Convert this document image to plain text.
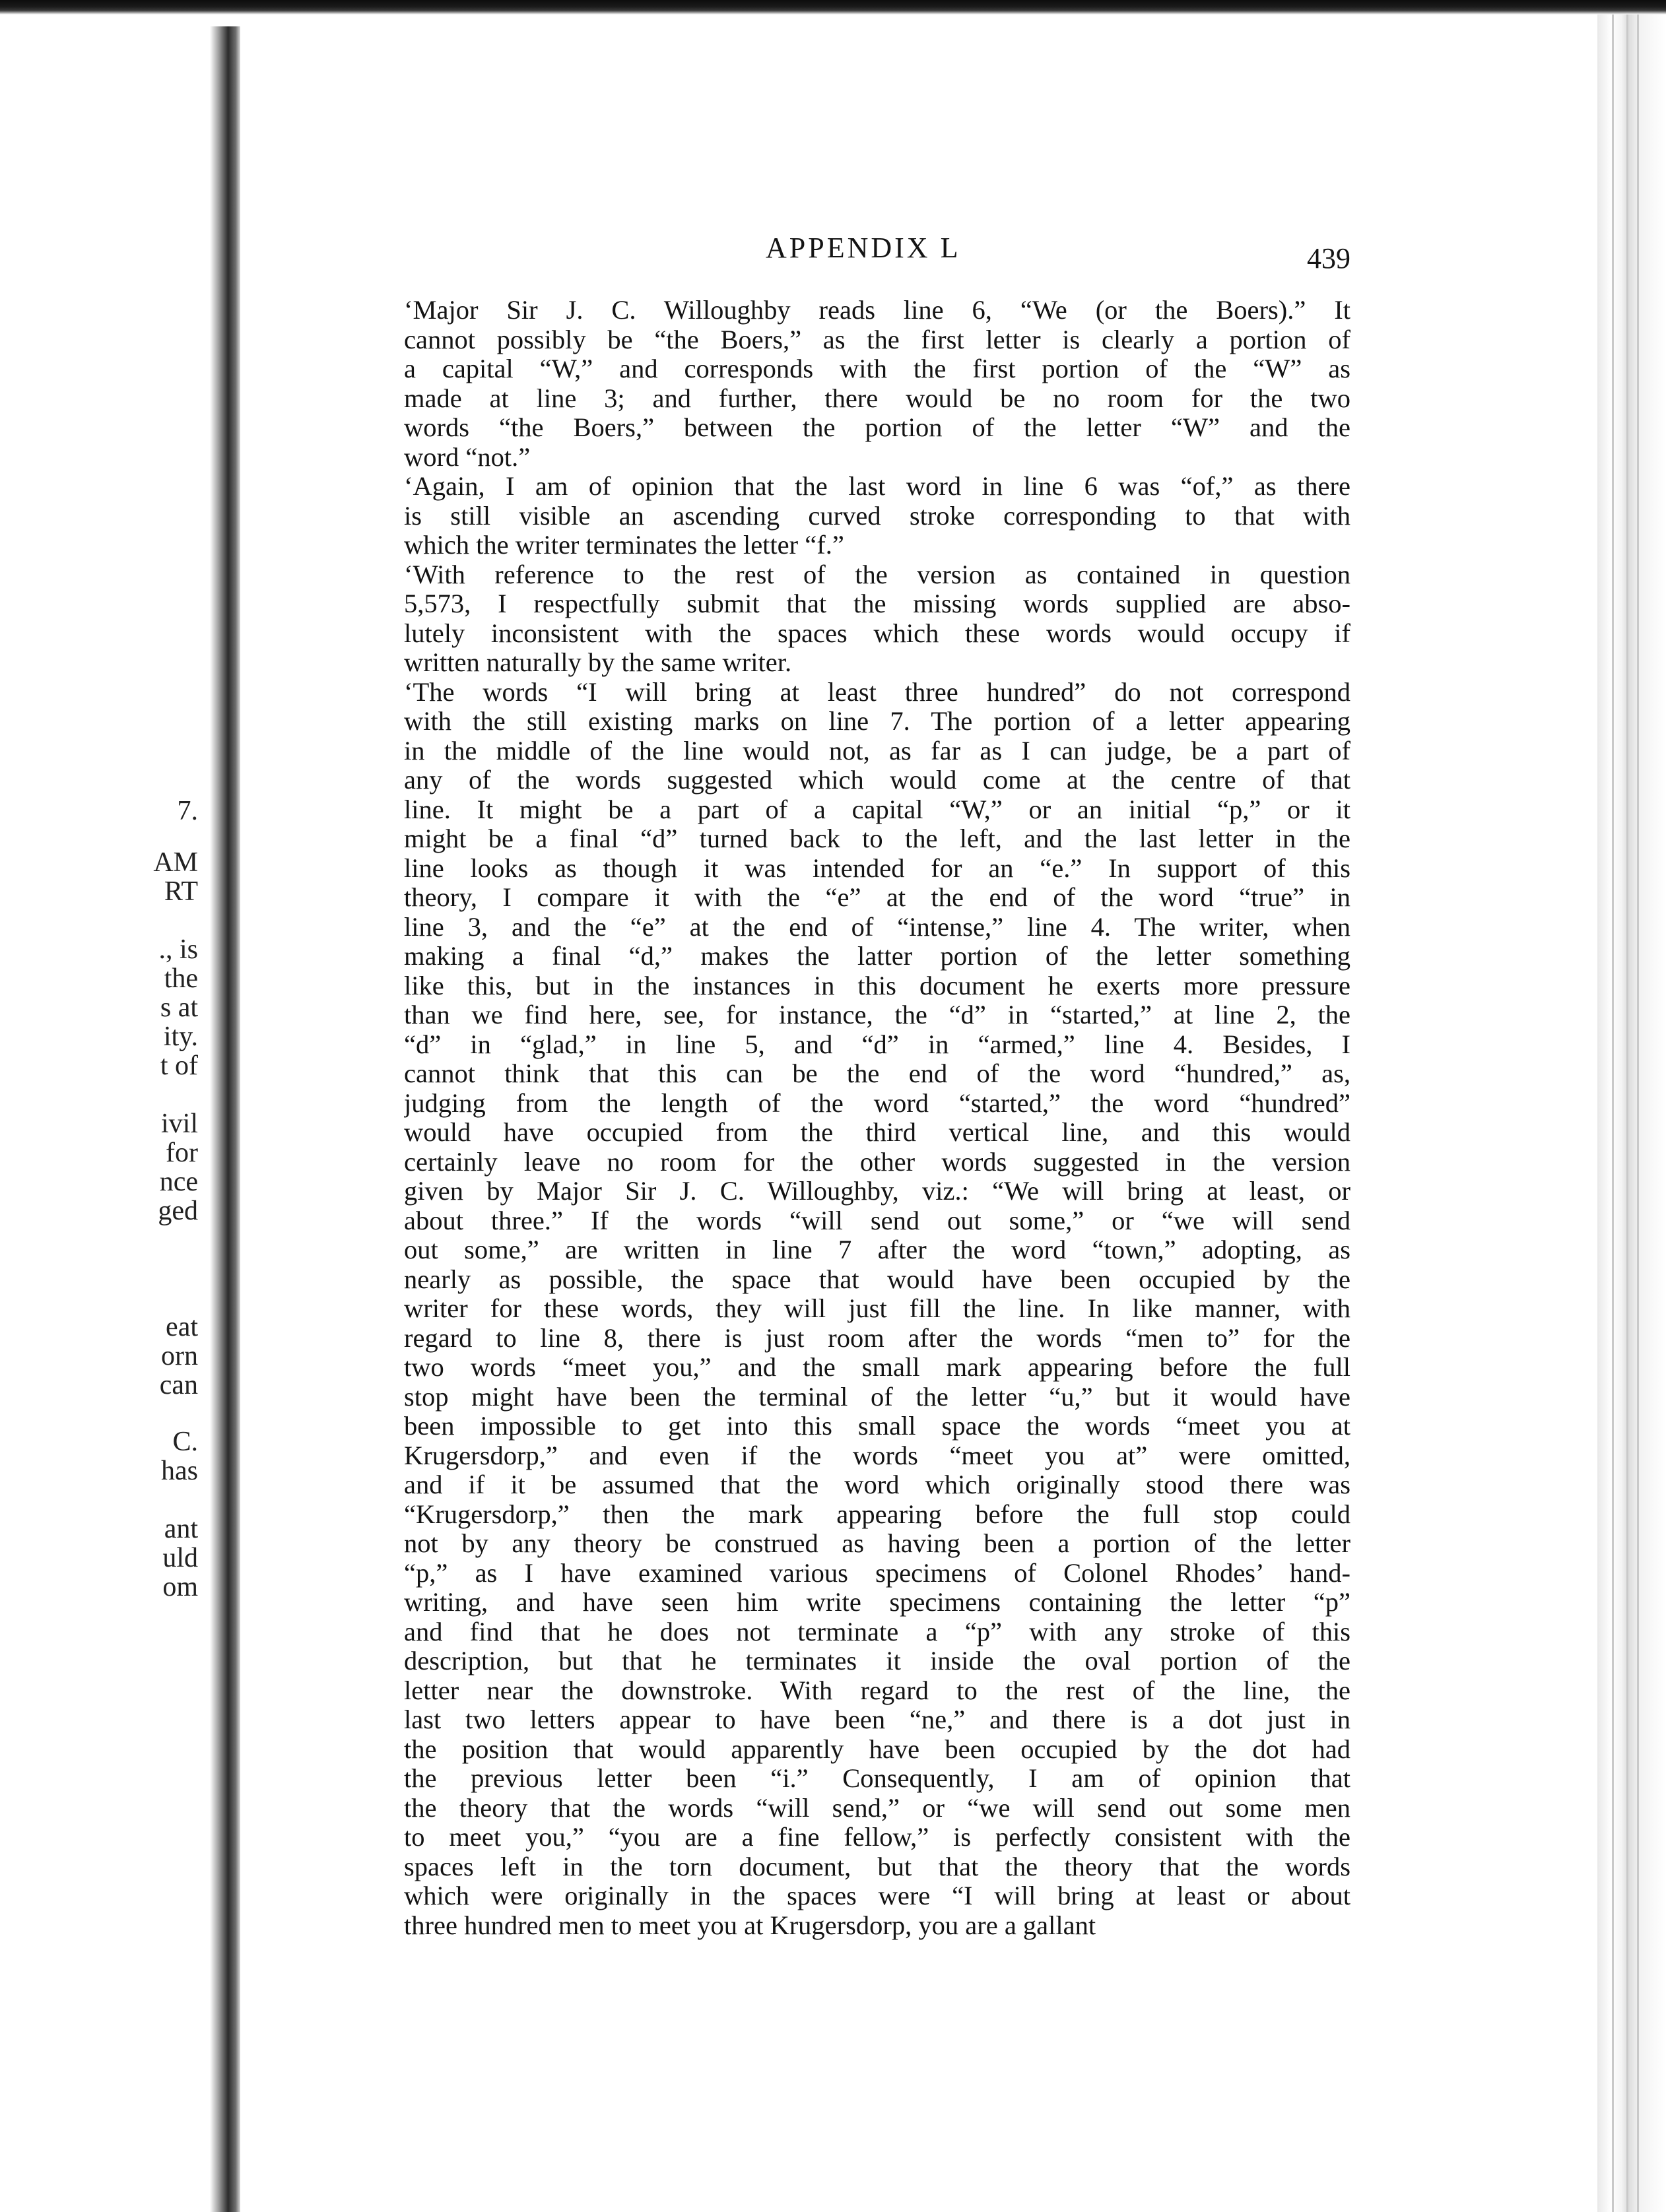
7.
AM
RT
., is
the
s at
ity.
t of
ivil
for
nce
ged
eat
orn
can
C.
has
ant
uld
om
APPENDIX L	439
‘Major Sir J. C. Willoughby reads line 6, “We (or the Boers).” It
cannot possibly be “the Boers,” as the first letter is clearly a portion of
a capital “W,” and corresponds with the first portion of the “W” as
made at line 3; and further, there would be no room for the two
words “the Boers,” between the portion of the letter “W” and the
word “not.”
‘Again, I am of opinion that the last word in line 6 was “of,” as there
is still visible an ascending curved stroke corresponding to that with
which the writer terminates the letter “f.”
‘With reference to the rest of the version as contained in question
5,573, I respectfully submit that the missing words supplied are abso-
lutely inconsistent with the spaces which these words would occupy if
written naturally by the same writer.
‘The words “I will bring at least three hundred” do not correspond
with the still existing marks on line 7. The portion of a letter appearing
in the middle of the line would not, as far as I can judge, be a part of
any of the words suggested which would come at the centre of that
line. It might be a part of a capital “W,” or an initial “p,” or it
might be a final “d” turned back to the left, and the last letter in the
line looks as though it was intended for an “e.” In support of this
theory, I compare it with the “e” at the end of the word “true” in
line 3, and the “e” at the end of “intense,” line 4. The writer, when
making a final “d,” makes the latter portion of the letter something
like this, but in the instances in this document he exerts more pressure
than we find here, see, for instance, the “d” in “started,” at line 2, the
“d” in “glad,” in line 5, and “d” in “armed,” line 4. Besides, I
cannot think that this can be the end of the word “hundred,” as,
judging from the length of the word “started,” the word “hundred”
would have occupied from the third vertical line, and this would
certainly leave no room for the other words suggested in the version
given by Major Sir J. C. Willoughby, viz.: “We will bring at least, or
about three.” If the words “will send out some,” or “we will send
out some,” are written in line 7 after the word “town,” adopting, as
nearly as possible, the space that would have been occupied by the
writer for these words, they will just fill the line. In like manner, with
regard to line 8, there is just room after the words “men to” for the
two words “meet you,” and the small mark appearing before the full
stop might have been the terminal of the letter “u,” but it would have
been impossible to get into this small space the words “meet you at
Krugersdorp,” and even if the words “meet you at” were omitted,
and if it be assumed that the word which originally stood there was
“Krugersdorp,” then the mark appearing before the full stop could
not by any theory be construed as having been a portion of the letter
“p,” as I have examined various specimens of Colonel Rhodes’ hand-
writing, and have seen him write specimens containing the letter “p”
and find that he does not terminate a “p” with any stroke of this
description, but that he terminates it inside the oval portion of the
letter near the downstroke. With regard to the rest of the line, the
last two letters appear to have been “ne,” and there is a dot just in
the position that would apparently have been occupied by the dot had
the previous letter been “i.” Consequently, I am of opinion that
the theory that the words “will send,” or “we will send out some men
to meet you,” “you are a fine fellow,” is perfectly consistent with the
spaces left in the torn document, but that the theory that the words
which were originally in the spaces were “I will bring at least or about
three hundred men to meet you at Krugersdorp, you are a gallant
